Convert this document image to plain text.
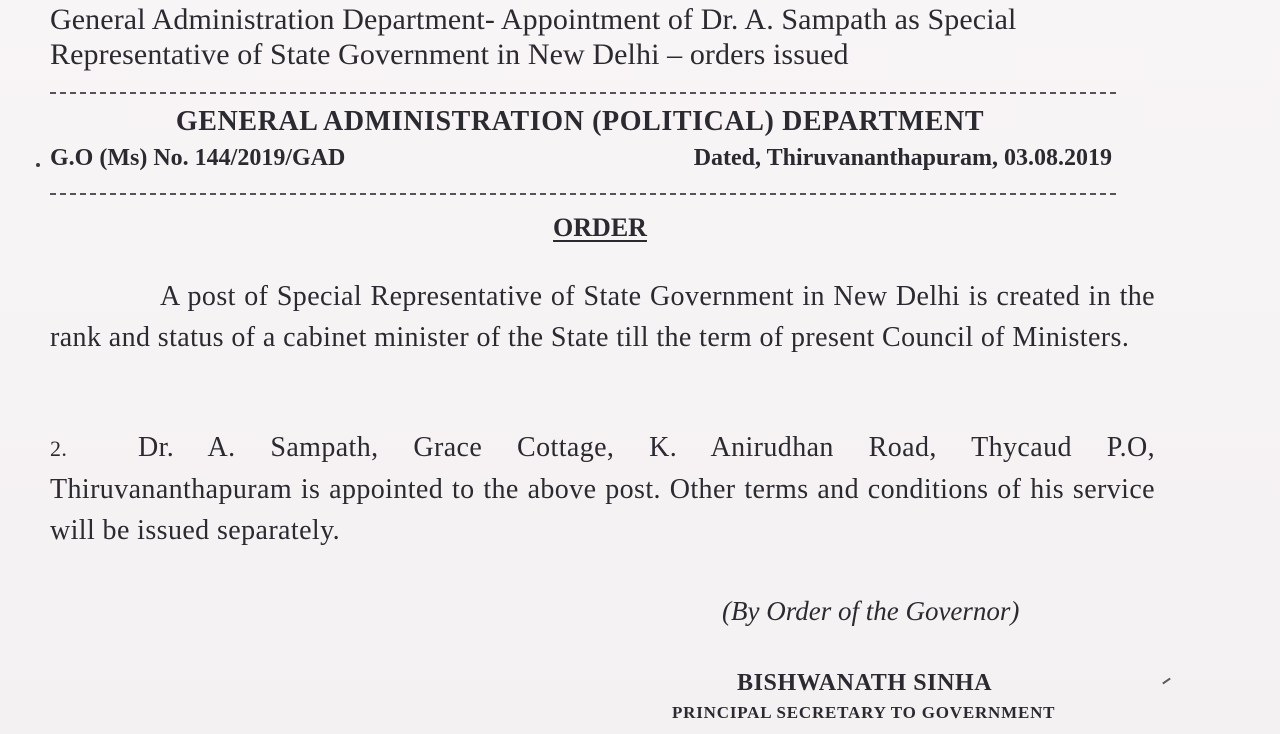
General Administration Department- Appointment of Dr. A. Sampath as Special
Representative of State Government in New Delhi – orders issued
GENERAL ADMINISTRATION (POLITICAL) DEPARTMENT
G.O (Ms) No. 144/2019/GAD	Dated, Thiruvananthapuram, 03.08.2019
ORDER
A post of Special Representative of State Government in New Delhi is created in the rank and status of a cabinet minister of the State till the term of present Council of Ministers.
2.	Dr. A. Sampath, Grace Cottage, K. Anirudhan Road, Thycaud P.O, Thiruvananthapuram is appointed to the above post. Other terms and conditions of his service will be issued separately.
(By Order of the Governor)
BISHWANATH SINHA
PRINCIPAL SECRETARY TO GOVERNMENT
